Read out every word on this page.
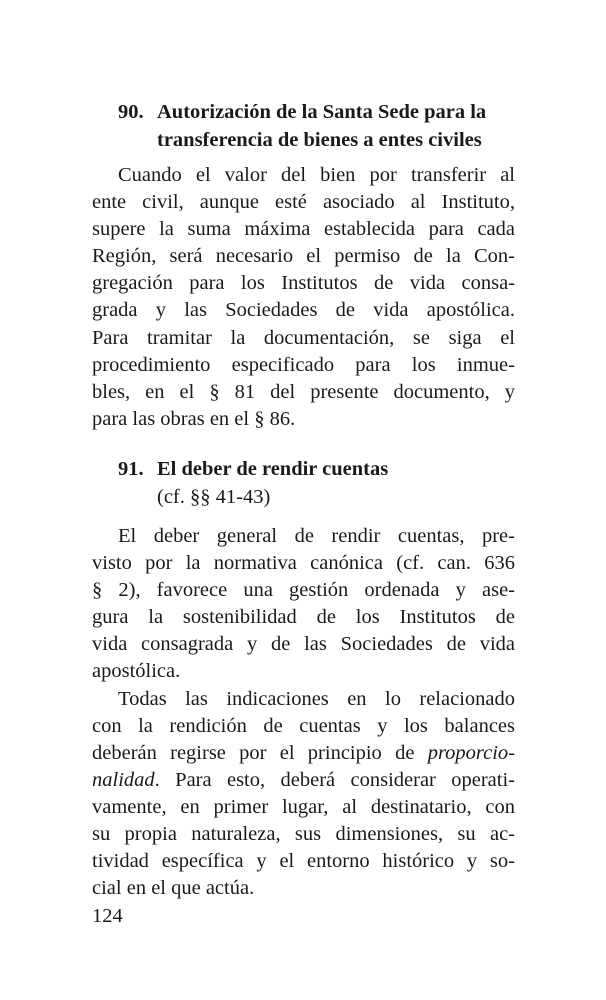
90. Autorización de la Santa Sede para la
transferencia de bienes a entes civiles
Cuando el valor del bien por transferir al
ente civil, aunque esté asociado al Instituto,
supere la suma máxima establecida para cada
Región, será necesario el permiso de la Con-
gregación para los Institutos de vida consa-
grada y las Sociedades de vida apostólica.
Para tramitar la documentación, se siga el
procedimiento especificado para los inmue-
bles, en el § 81 del presente documento, y
para las obras en el § 86.
91. El deber de rendir cuentas
(cf. §§ 41-43)
El deber general de rendir cuentas, pre-
visto por la normativa canónica (cf. can. 636
§ 2), favorece una gestión ordenada y ase-
gura la sostenibilidad de los Institutos de
vida consagrada y de las Sociedades de vida
apostólica.
Todas las indicaciones en lo relacionado
con la rendición de cuentas y los balances
deberán regirse por el principio de proporcio-
nalidad. Para esto, deberá considerar operati-
vamente, en primer lugar, al destinatario, con
su propia naturaleza, sus dimensiones, su ac-
tividad específica y el entorno histórico y so-
cial en el que actúa.
124
